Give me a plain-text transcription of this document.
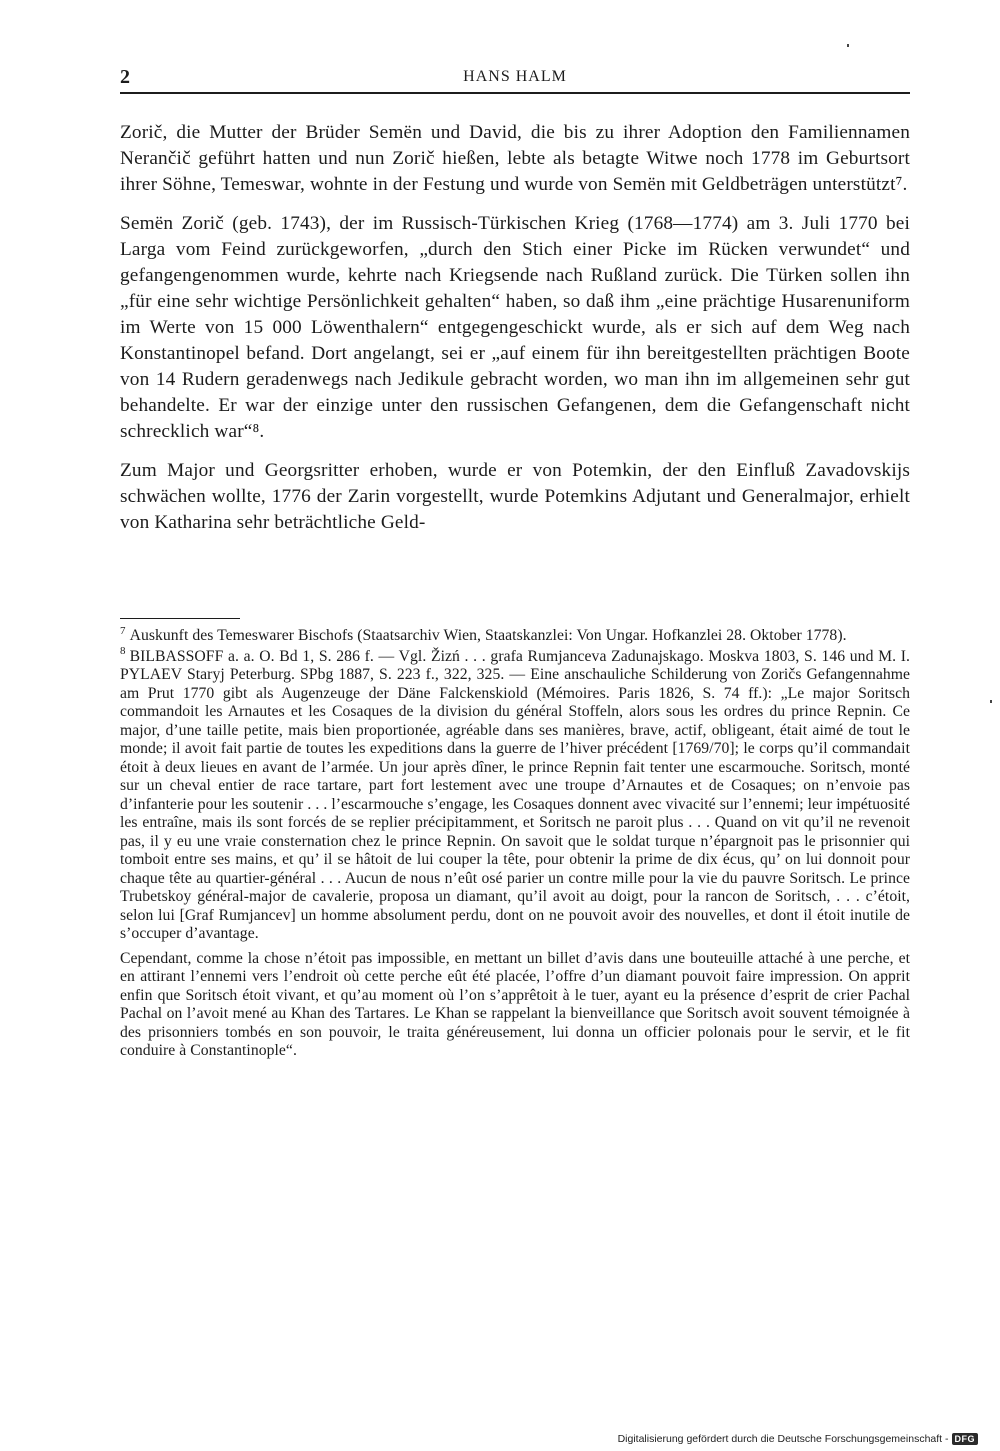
2	HANS HALM

Zorič, die Mutter der Brüder Semën und David, die bis zu ihrer Adoption den Familiennamen Nerančič geführt hatten und nun Zorič hießen, lebte als betagte Witwe noch 1778 im Geburtsort ihrer Söhne, Temeswar, wohnte in der Festung und wurde von Semën mit Geldbeträgen unterstützt⁷.

Semën Zorič (geb. 1743), der im Russisch-Türkischen Krieg (1768—1774) am 3. Juli 1770 bei Larga vom Feind zurückgeworfen, „durch den Stich einer Picke im Rücken verwundet“ und gefangengenommen wurde, kehrte nach Kriegsende nach Rußland zurück. Die Türken sollen ihn „für eine sehr wichtige Persönlichkeit gehalten“ haben, so daß ihm „eine prächtige Husarenuniform im Werte von 15 000 Löwenthalern“ entgegengeschickt wurde, als er sich auf dem Weg nach Konstantinopel befand. Dort angelangt, sei er „auf einem für ihn bereitgestellten prächtigen Boote von 14 Rudern geradenwegs nach Jedikule gebracht worden, wo man ihn im allgemeinen sehr gut behandelte. Er war der einzige unter den russischen Gefangenen, dem die Gefangenschaft nicht schrecklich war“⁸.

Zum Major und Georgsritter erhoben, wurde er von Potemkin, der den Einfluß Zavadovskijs schwächen wollte, 1776 der Zarin vorgestellt, wurde Potemkins Adjutant und Generalmajor, erhielt von Katharina sehr beträchtliche Geld-

$^7$ Auskunft des Temeswarer Bischofs (Staatsarchiv Wien, Staatskanzlei: Von Ungar. Hofkanzlei 28. Oktober 1778).

$^8$ BILBASSOFF a. a. O. Bd 1, S. 286 f. — Vgl. Žizń . . . grafa Rumjanceva Zadunajskago. Moskva 1803, S. 146 und M. I. PYLAEV Staryj Peterburg. SPbg 1887, S. 223 f., 322, 325. — Eine anschauliche Schilderung von Zoričs Gefangennahme am Prut 1770 gibt als Augenzeuge der Däne Falckenskiold (Mémoires. Paris 1826, S. 74 ff.): „Le major Soritsch commandoit les Arnautes et les Cosaques de la division du général Stoffeln, alors sous les ordres du prince Repnin. Ce major, d’une taille petite, mais bien proportionée, agréable dans ses manières, brave, actif, obligeant, était aimé de tout le monde; il avoit fait partie de toutes les expeditions dans la guerre de l’hiver précédent [1769/70]; le corps qu’il commandait étoit à deux lieues en avant de l’armée. Un jour après dîner, le prince Repnin fait tenter une escarmouche. Soritsch, monté sur un cheval entier de race tartare, part fort lestement avec une troupe d’Arnautes et de Cosaques; on n’envoie pas d’infanterie pour les soutenir . . . l’escarmouche s’engage, les Cosaques donnent avec vivacité sur l’ennemi; leur impétuosité les entraîne, mais ils sont forcés de se replier précipitamment, et Soritsch ne paroit plus . . . Quand on vit qu’il ne revenoit pas, il y eu une vraie consternation chez le prince Repnin. On savoit que le soldat turque n’épargnoit pas le prisonnier qui tomboit entre ses mains, et qu’ il se hâtoit de lui couper la tête, pour obtenir la prime de dix écus, qu’ on lui donnoit pour chaque tête au quartier-général . . . Aucun de nous n’eût osé parier un contre mille pour la vie du pauvre Soritsch. Le prince Trubetskoy général-major de cavalerie, proposa un diamant, qu’il avoit au doigt, pour la rancon de Soritsch, . . . c’étoit, selon lui [Graf Rumjancev] un homme absolument perdu, dont on ne pouvoit avoir des nouvelles, et dont il étoit inutile de s’occuper d’avantage.

Cependant, comme la chose n’étoit pas impossible, en mettant un billet d’avis dans une bouteuille attaché à une perche, et en attirant l’ennemi vers l’endroit où cette perche eût été placée, l’offre d’un diamant pouvoit faire impression. On apprit enfin que Soritsch étoit vivant, et qu’au moment où l’on s’apprêtoit à le tuer, ayant eu la présence d’esprit de crier Pachal Pachal on l’avoit mené au Khan des Tartares. Le Khan se rappelant la bienveillance que Soritsch avoit souvent témoignée à des prisonniers tombés en son pouvoir, le traita généreusement, lui donna un officier polonais pour le servir, et le fit conduire à Constantinople“.

Digitalisierung gefördert durch die Deutsche Forschungsgemeinschaft - DFG
